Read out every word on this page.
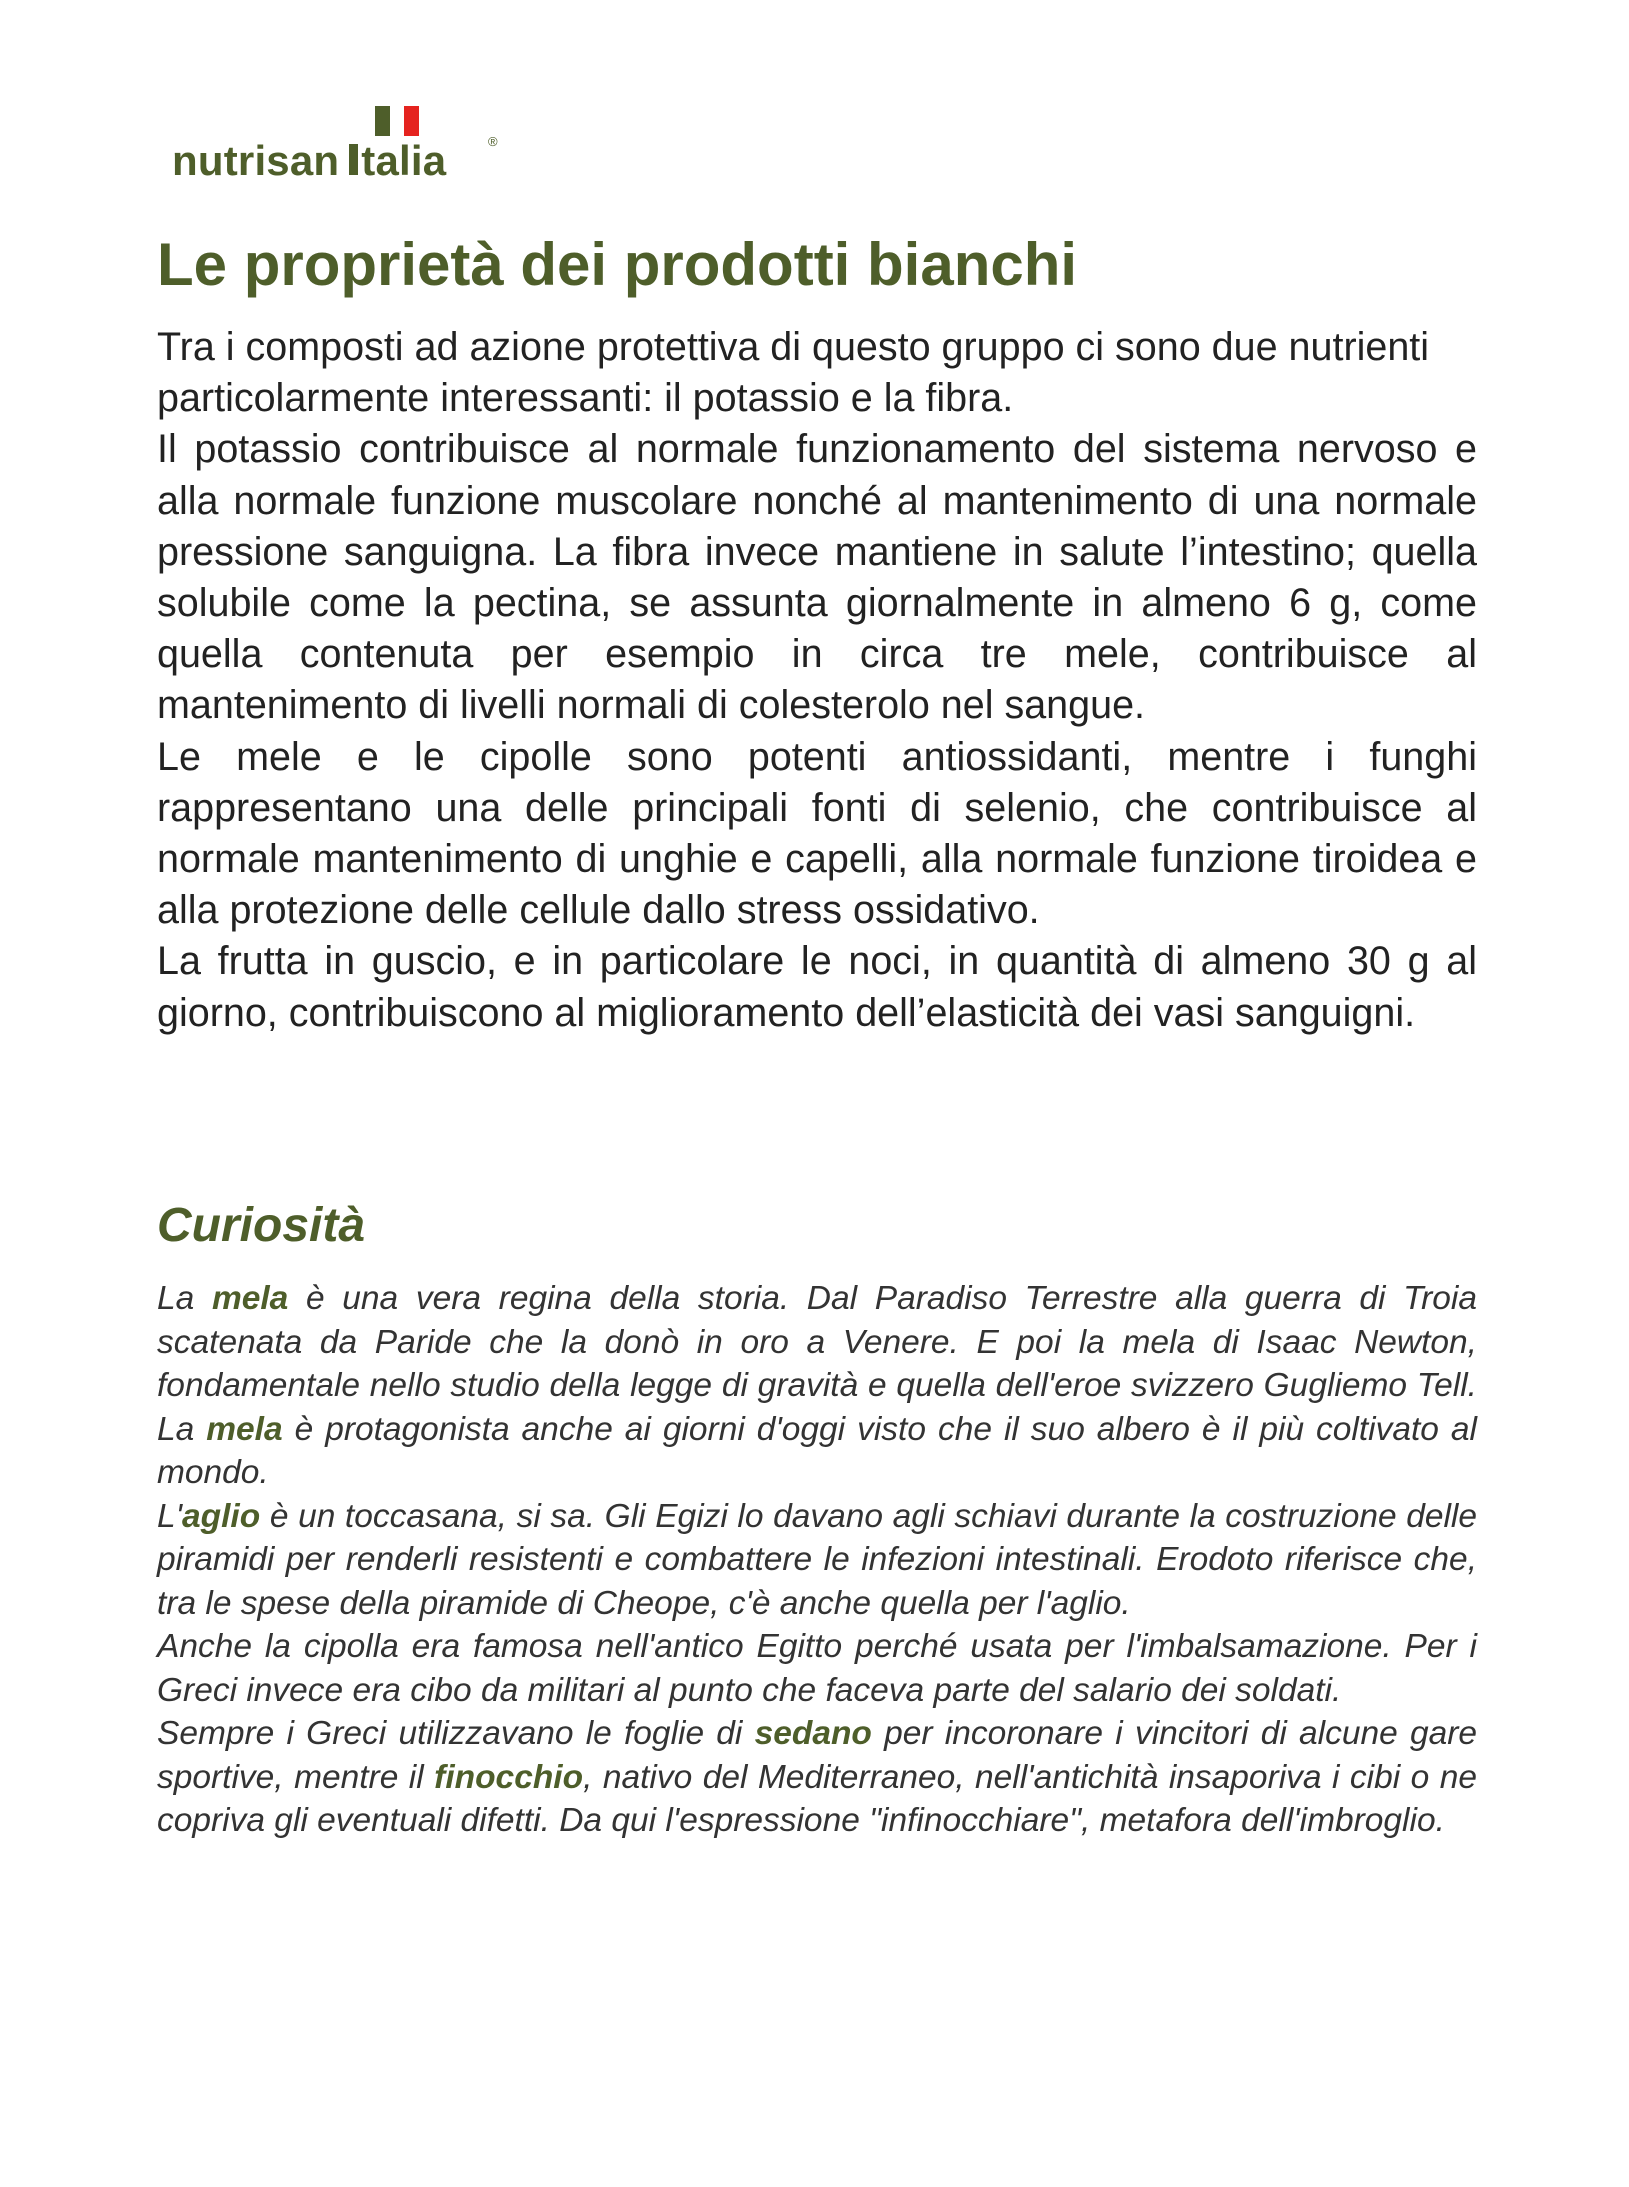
nutrisan talia	®
Le proprietà dei prodotti bianchi

Tra i composti ad azione protettiva di questo gruppo ci sono due nutrienti particolarmente interessanti: il potassio e la fibra.

Il potassio contribuisce al normale funzionamento del sistema nervoso e alla normale funzione muscolare nonché al mantenimento di una normale pressione sanguigna. La fibra invece mantiene in salute l’intestino; quella solubile come la pectina, se assunta giornalmente in almeno 6 g, come quella contenuta per esempio in circa tre mele, contribuisce al mantenimento di livelli normali di colesterolo nel sangue.

Le mele e le cipolle sono potenti antiossidanti, mentre i funghi rappresentano una delle principali fonti di selenio, che contribuisce al normale mantenimento di unghie e capelli, alla normale funzione tiroidea e alla protezione delle cellule dallo stress ossidativo.

La frutta in guscio, e in particolare le noci, in quantità di almeno 30 g al giorno, contribuiscono al miglioramento dell’elasticità dei vasi sanguigni.

Curiosità

La mela è una vera regina della storia. Dal Paradiso Terrestre alla guerra di Troia scatenata da Paride che la donò in oro a Venere. E poi la mela di Isaac Newton, fondamentale nello studio della legge di gravità e quella dell'eroe svizzero Gugliemo Tell. La mela è protagonista anche ai giorni d'oggi visto che il suo albero è il più coltivato al mondo.

L'aglio è un toccasana, si sa. Gli Egizi lo davano agli schiavi durante la costruzione delle piramidi per renderli resistenti e combattere le infezioni intestinali. Erodoto riferisce che, tra le spese della piramide di Cheope, c'è anche quella per l'aglio.

Anche la cipolla era famosa nell'antico Egitto perché usata per l'imbalsamazione. Per i Greci invece era cibo da militari al punto che faceva parte del salario dei soldati.

Sempre i Greci utilizzavano le foglie di sedano per incoronare i vincitori di alcune gare sportive, mentre il finocchio, nativo del Mediterraneo, nell'antichità insaporiva i cibi o ne copriva gli eventuali difetti. Da qui l'espressione "infinocchiare", metafora dell'imbroglio.
